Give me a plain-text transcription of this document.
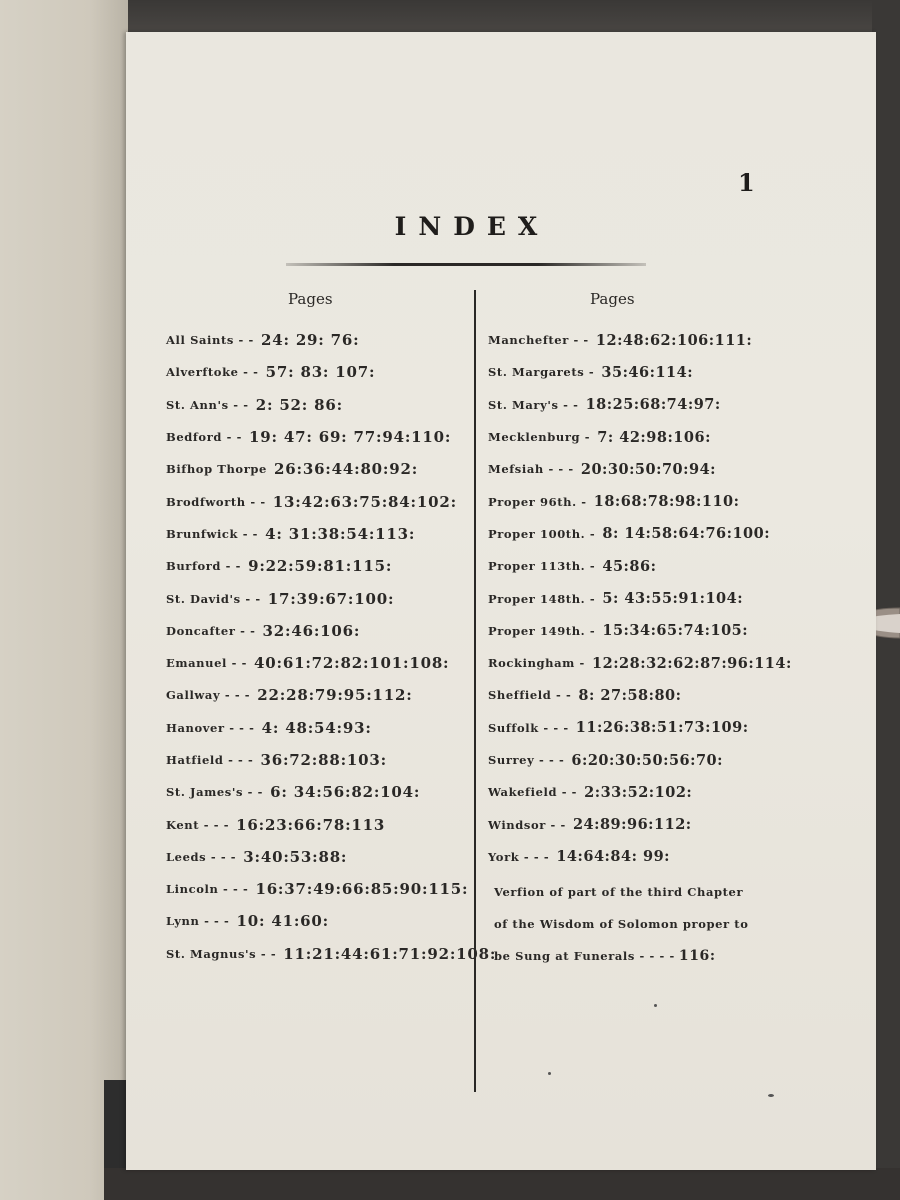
1
INDEX
Pages	Pages
All Saints - -
24: 29: 76:
Alverftoke - -
57: 83: 107:
St. Ann's - -
2: 52: 86:
Bedford - -
19: 47: 69: 77:94:110:
Bifhop Thorpe
26:36:44:80:92:
Brodfworth - -
13:42:63:75:84:102:
Brunfwick - -
4: 31:38:54:113:
Burford - -
9:22:59:81:115:
St. David's - -
17:39:67:100:
Doncafter - -
32:46:106:
Emanuel - -
40:61:72:82:101:108:
Gallway - - -
22:28:79:95:112:
Hanover - - -
4: 48:54:93:
Hatfield - - -
36:72:88:103:
St. James's - -
6: 34:56:82:104:
Kent - - -
16:23:66:78:113
Leeds - - -
3:40:53:88:
Lincoln - - -
16:37:49:66:85:90:115:
Lynn - - -
10: 41:60:
St. Magnus's - -
11:21:44:61:71:92:108:
Manchefter - -
12:48:62:106:111:
St. Margarets -
35:46:114:
St. Mary's - -
18:25:68:74:97:
Mecklenburg -
7: 42:98:106:
Mefsiah - - -
20:30:50:70:94:
Proper 96th. -
18:68:78:98:110:
Proper 100th. -
8: 14:58:64:76:100:
Proper 113th. -
45:86:
Proper 148th. -
5: 43:55:91:104:
Proper 149th. -
15:34:65:74:105:
Rockingham -
12:28:32:62:87:96:114:
Sheffield - -
8: 27:58:80:
Suffolk - - -
11:26:38:51:73:109:
Surrey - - -
6:20:30:50:56:70:
Wakefield - -
2:33:52:102:
Windsor - -
24:89:96:112:
York - - -
14:64:84: 99:
Verfion of part of the third Chapter
of the Wisdom of Solomon proper to
be Sung at Funerals - - - - 116:
